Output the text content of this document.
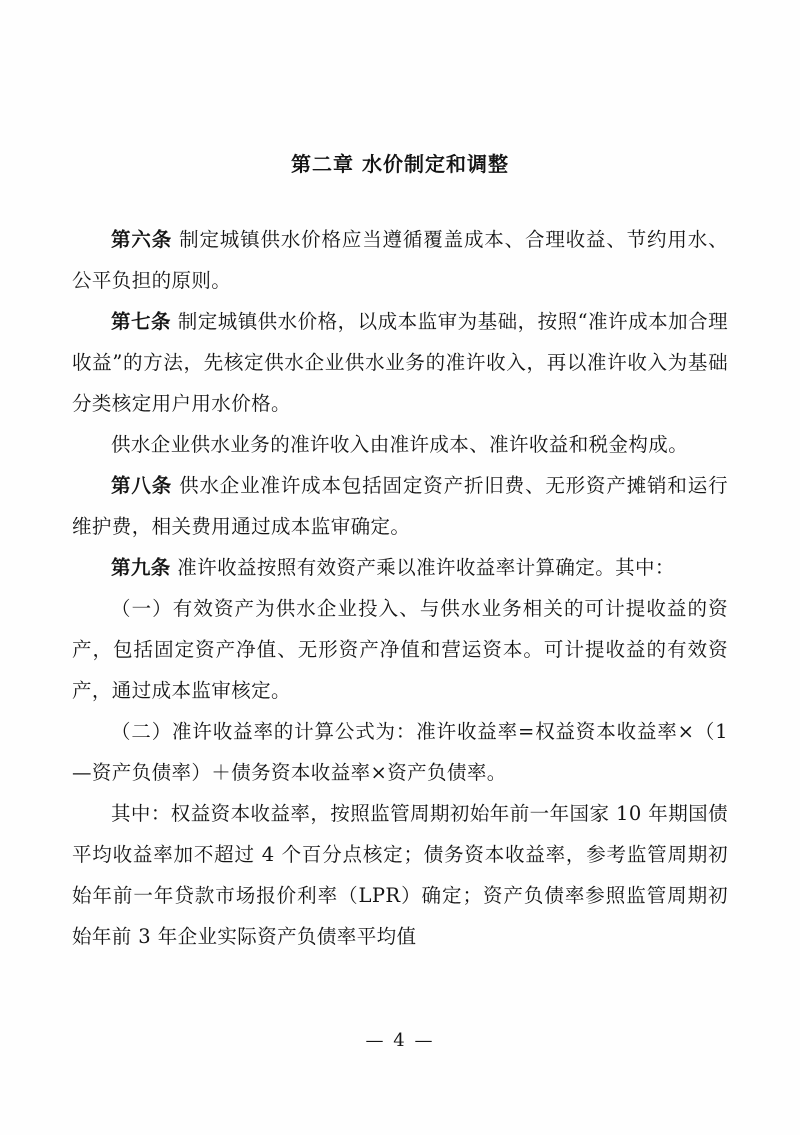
第二章 水价制定和调整

第六条 制定城镇供水价格应当遵循覆盖成本、合理收益、节约用水、公平负担的原则。

第七条 制定城镇供水价格，以成本监审为基础，按照“准许成本加合理收益”的方法，先核定供水企业供水业务的准许收入，再以准许收入为基础分类核定用户用水价格。

供水企业供水业务的准许收入由准许成本、准许收益和税金构成。

第八条 供水企业准许成本包括固定资产折旧费、无形资产摊销和运行维护费，相关费用通过成本监审确定。

第九条 准许收益按照有效资产乘以准许收益率计算确定。其中：

（一）有效资产为供水企业投入、与供水业务相关的可计提收益的资产，包括固定资产净值、无形资产净值和营运资本。可计提收益的有效资产，通过成本监审核定。

（二）准许收益率的计算公式为：准许收益率=权益资本收益率×（1—资产负债率）＋债务资本收益率×资产负债率。

其中：权益资本收益率，按照监管周期初始年前一年国家 10 年期国债平均收益率加不超过 4 个百分点核定；债务资本收益率，参考监管周期初始年前一年贷款市场报价利率（LPR）确定；资产负债率参照监管周期初始年前 3 年企业实际资产负债率平均值

— 4 —
